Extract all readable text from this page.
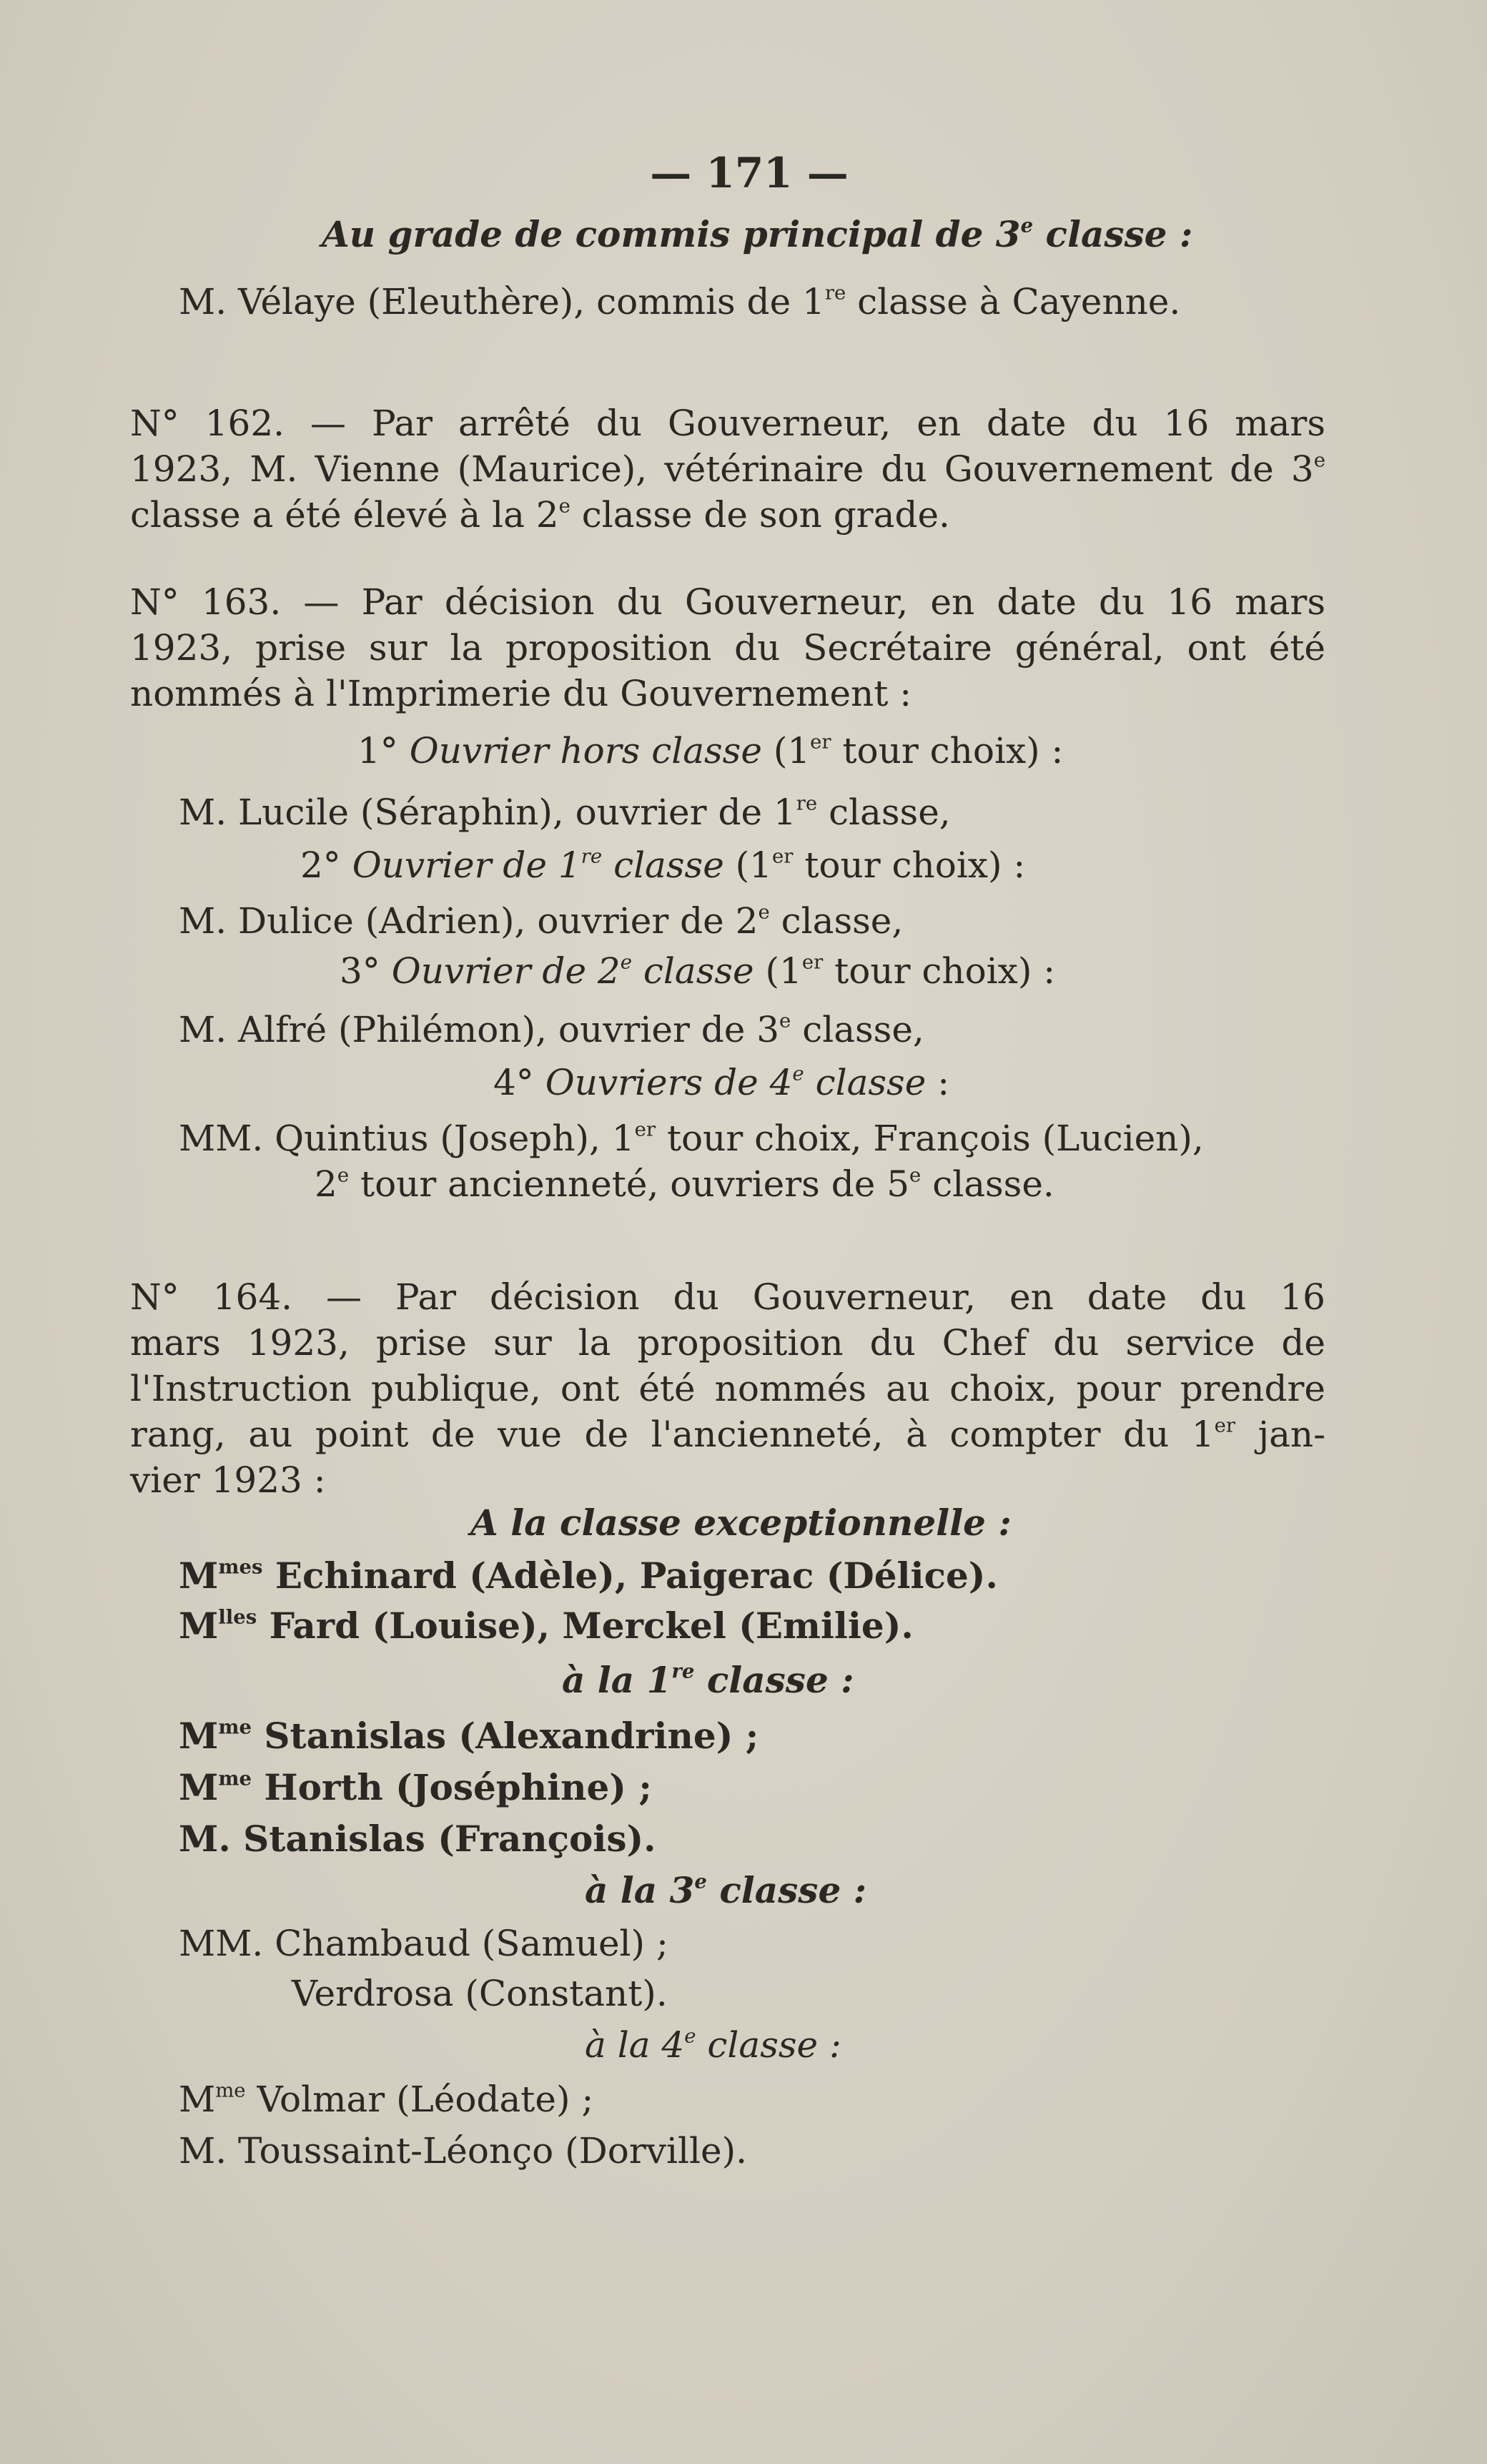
— 171 —
Au grade de commis principal de 3e classe :
M. Vélaye (Eleuthère), commis de 1re classe à Cayenne.
N° 162. — Par arrêté du Gouverneur, en date du 16 mars
1923, M. Vienne (Maurice), vétérinaire du Gouvernement de 3e
classe a été élevé à la 2e classe de son grade.
N° 163. — Par décision du Gouverneur, en date du 16 mars
1923, prise sur la proposition du Secrétaire général, ont été
nommés à l'Imprimerie du Gouvernement :
1° Ouvrier hors classe (1er tour choix) :
M. Lucile (Séraphin), ouvrier de 1re classe,
2° Ouvrier de 1re classe (1er tour choix) :
M. Dulice (Adrien), ouvrier de 2e classe,
3° Ouvrier de 2e classe (1er tour choix) :
M. Alfré (Philémon), ouvrier de 3e classe,
4° Ouvriers de 4e classe :
MM. Quintius (Joseph), 1er tour choix, François (Lucien),
2e tour ancienneté, ouvriers de 5e classe.
N° 164. — Par décision du Gouverneur, en date du 16
mars 1923, prise sur la proposition du Chef du service de
l'Instruction publique, ont été nommés au choix, pour prendre
rang, au point de vue de l'ancienneté, à compter du 1er jan-
vier 1923 :
A la classe exceptionnelle :
$M^{mes}$ Echinard (Adèle), Paigerac (Délice).
$M^{lles}$ Fard (Louise), Merckel (Emilie).
à la 1re classe :
$M^{me}$ Stanislas (Alexandrine) ;
$M^{me}$ Horth (Joséphine) ;
M. Stanislas (François).
à la 3e classe :
MM. Chambaud (Samuel) ;
Verdrosa (Constant).
à la 4e classe :
$M^{me}$ Volmar (Léodate) ;
M. Toussaint-Léonço (Dorville).
